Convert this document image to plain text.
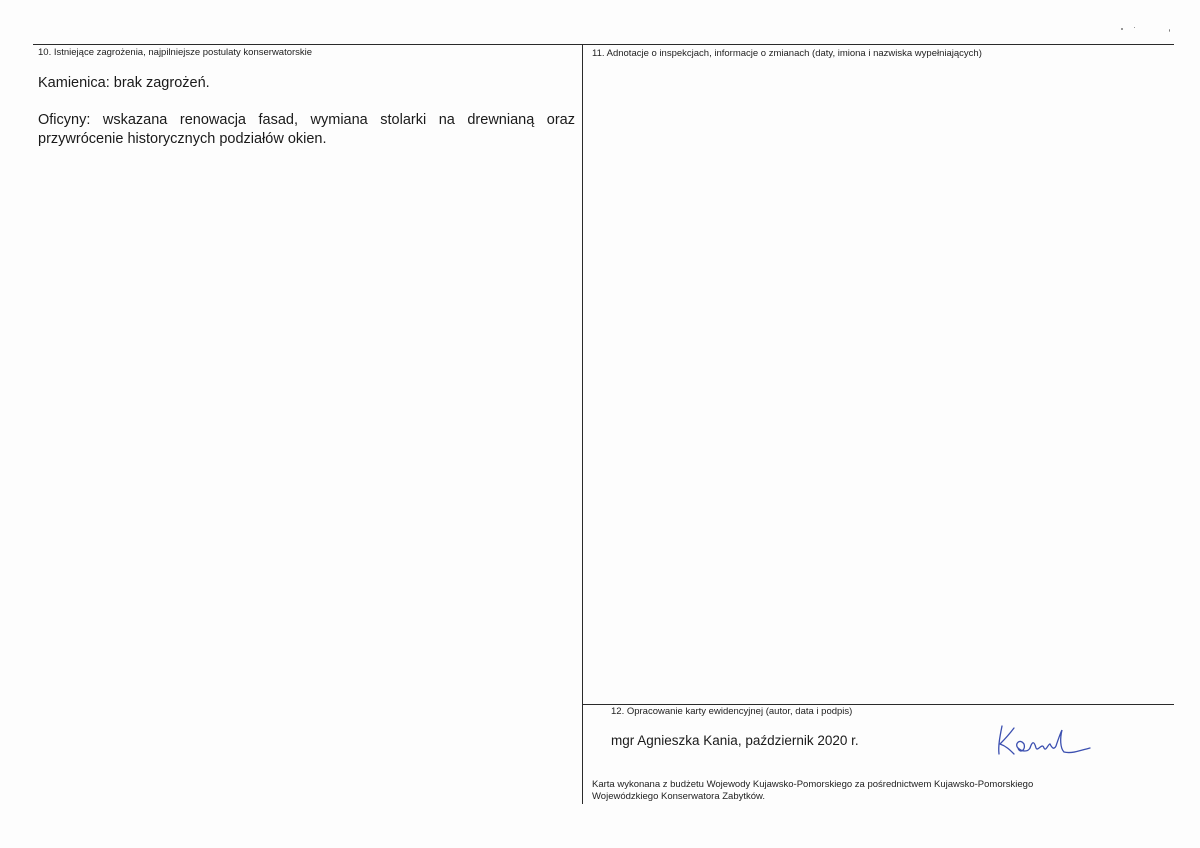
10. Istniejące zagrożenia, najpilniejsze postulaty konserwatorskie	11. Adnotacje o inspekcjach, informacje o zmianach (daty, imiona i nazwiska wypełniających)
Kamienica: brak zagrożeń.
Oficyny: wskazana renowacja fasad, wymiana stolarki na drewnianą oraz przywrócenie historycznych podziałów okien.
12. Opracowanie karty ewidencyjnej (autor, data i podpis)
mgr Agnieszka Kania, październik 2020 r.
Karta wykonana z budżetu Wojewody Kujawsko-Pomorskiego za pośrednictwem Kujawsko-Pomorskiego
Wojewódzkiego Konserwatora Zabytków.
